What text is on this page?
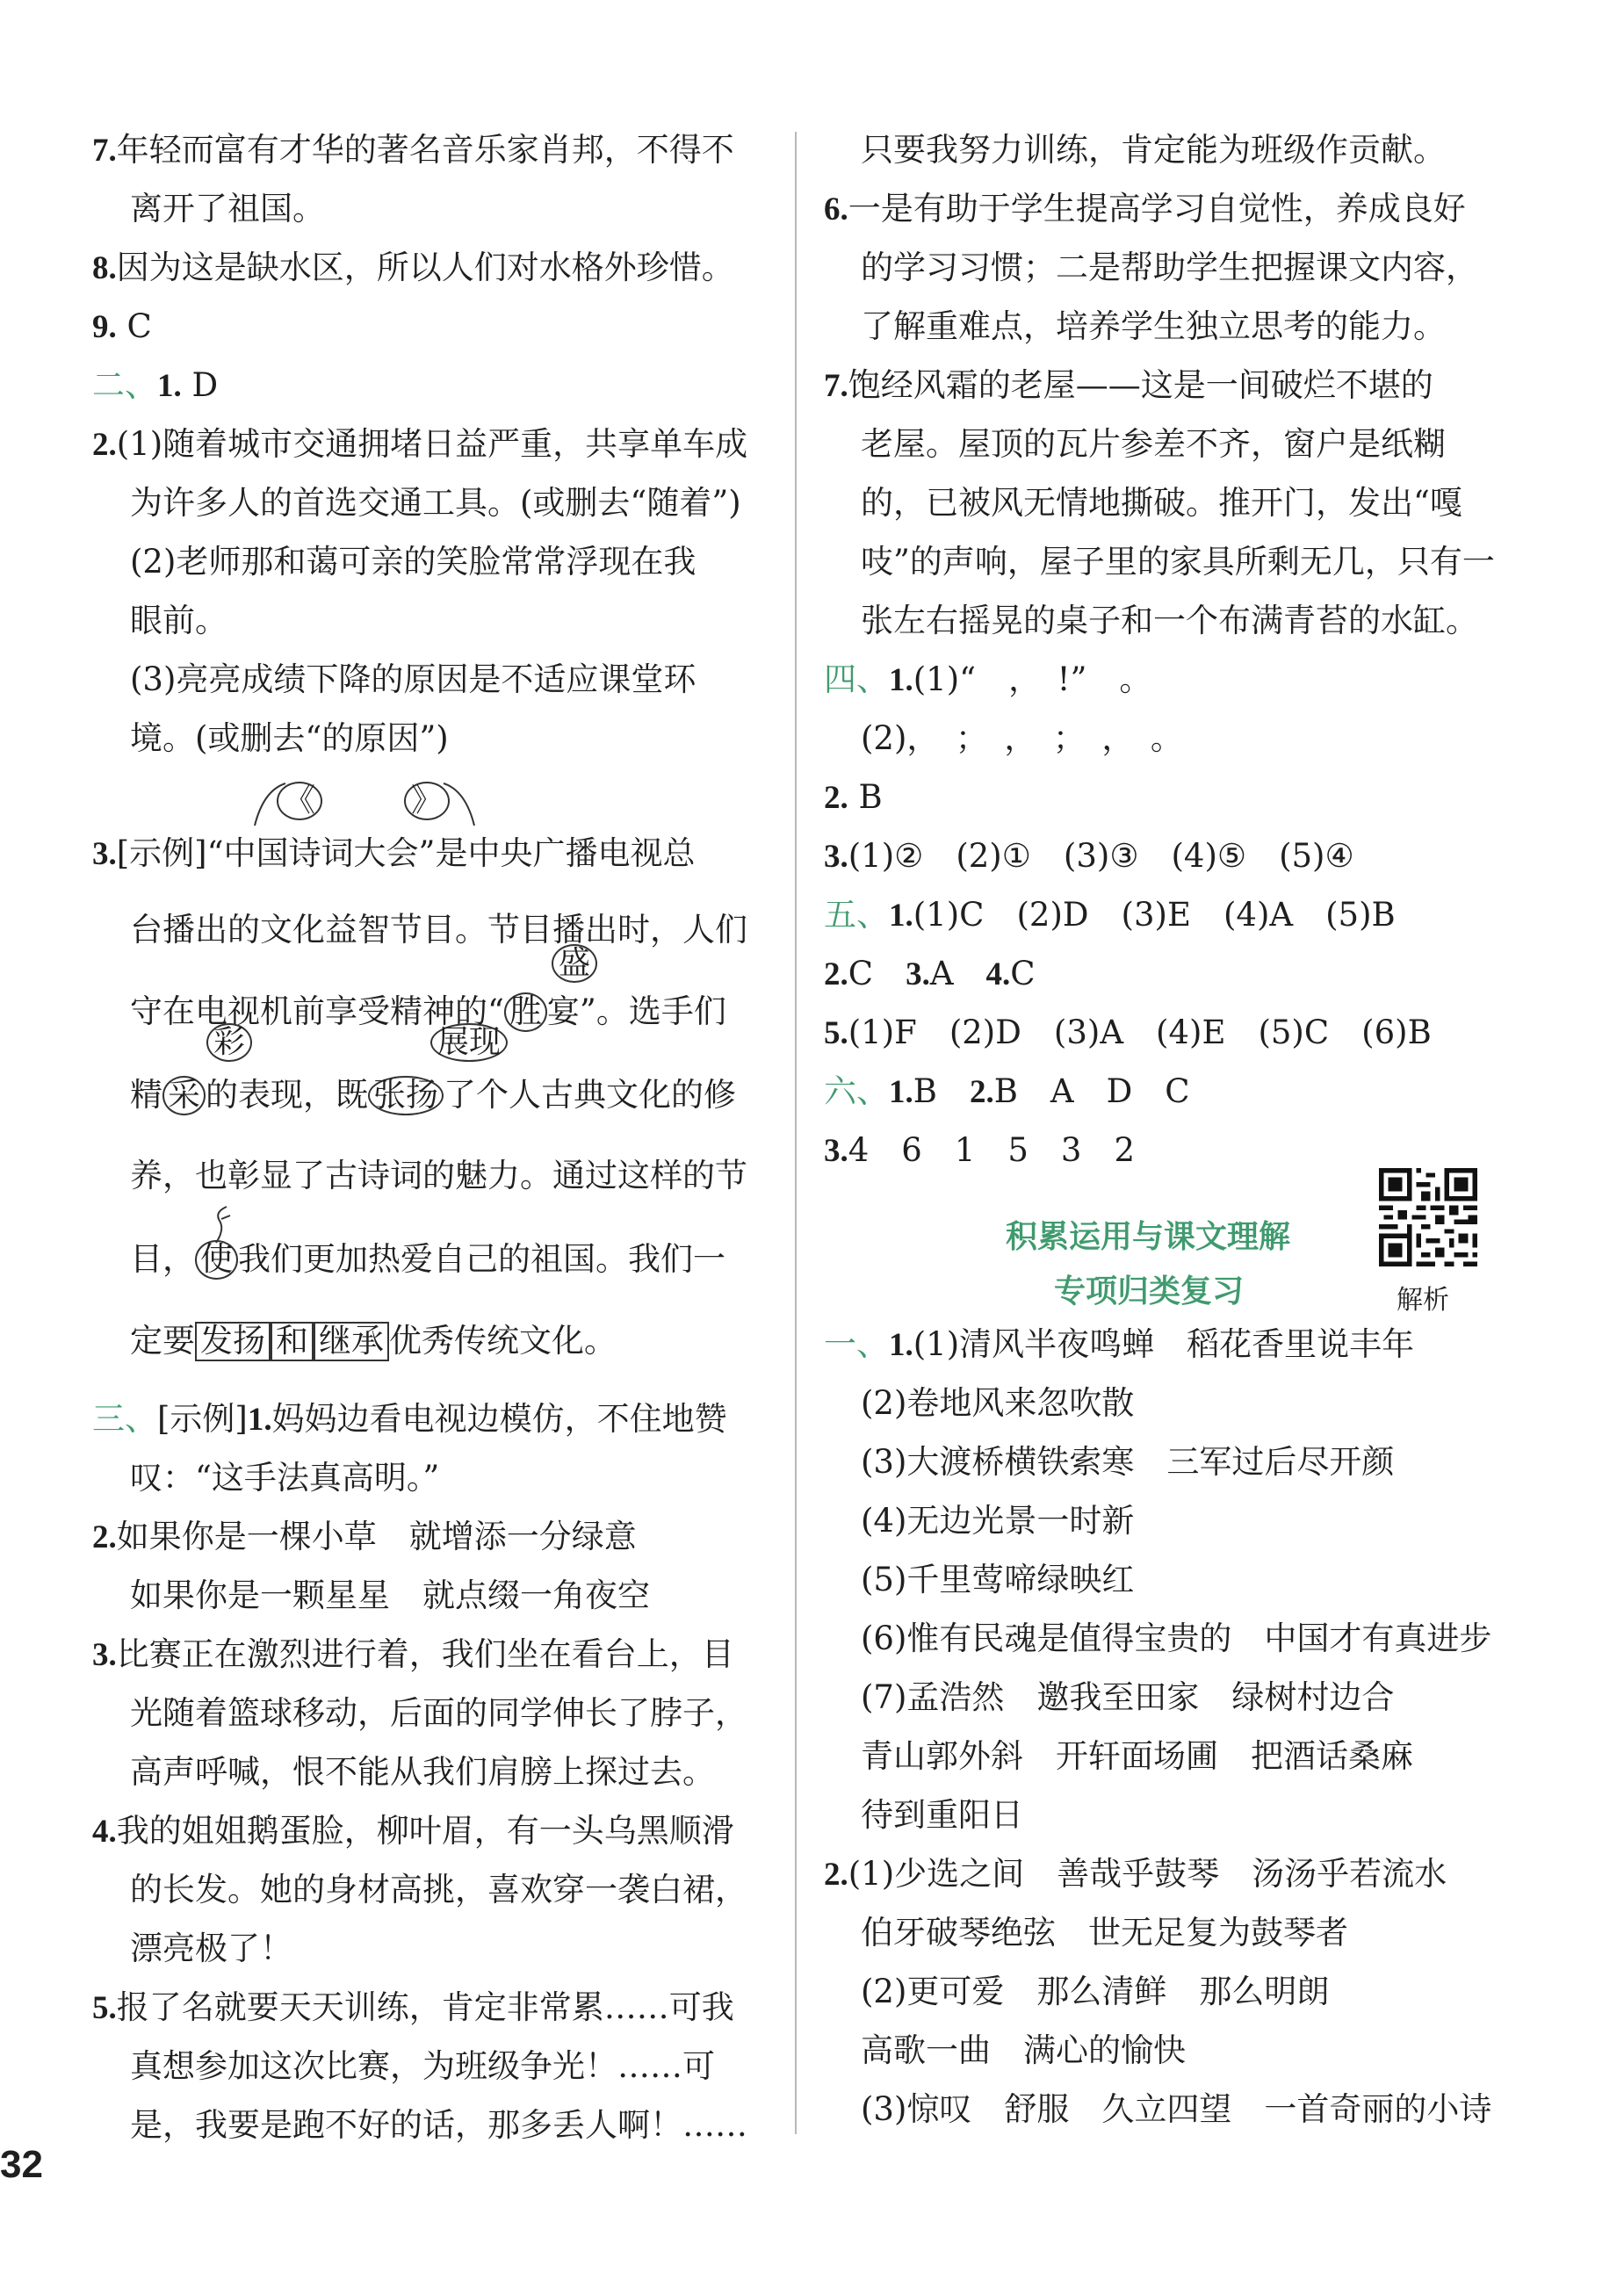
7.年轻而富有才华的著名音乐家肖邦，不得不
离开了祖国。
8.因为这是缺水区，所以人们对水格外珍惜。
9. C
二、1. D
2.(1)随着城市交通拥堵日益严重，共享单车成
为许多人的首选交通工具。(或删去“随着”)
(2)老师那和蔼可亲的笑脸常常浮现在我
眼前。
(3)亮亮成绩下降的原因是不适应课堂环
境。(或删去“的原因”)
《	》
3.[示例]“中国诗词大会”是中央广播电视总
台播出的文化益智节目。节目播出时，人们
盛
守在电视机前享受精神的“ 胜 宴”。选手们
彩	展现
精 采 的表现，既 张扬 了个人古典文化的修
养，也彰显了古诗词的魅力。通过这样的节
目， 使 我们更加热爱自己的祖国。我们一
定要 发扬 和 继承 优秀传统文化。
三、[示例]1.妈妈边看电视边模仿，不住地赞
叹：“这手法真高明。”
2.如果你是一棵小草　就增添一分绿意
如果你是一颗星星　就点缀一角夜空
3.比赛正在激烈进行着，我们坐在看台上，目
光随着篮球移动，后面的同学伸长了脖子，
高声呼喊，恨不能从我们肩膀上探过去。
4.我的姐姐鹅蛋脸，柳叶眉，有一头乌黑顺滑
的长发。她的身材高挑，喜欢穿一袭白裙，
漂亮极了！
5.报了名就要天天训练，肯定非常累……可我
真想参加这次比赛，为班级争光！……可
是，我要是跑不好的话，那多丢人啊！……
只要我努力训练，肯定能为班级作贡献。
6.一是有助于学生提高学习自觉性，养成良好
的学习习惯；二是帮助学生把握课文内容，
了解重难点，培养学生独立思考的能力。
7.饱经风霜的老屋——这是一间破烂不堪的
老屋。屋顶的瓦片参差不齐，窗户是纸糊
的，已被风无情地撕破。推开门，发出“嘎
吱”的声响，屋子里的家具所剩无几，只有一
张左右摇晃的桌子和一个布满青苔的水缸。
四、1.(1)“　，　!”　。
(2)，　；　，　；　，　。
2. B
3.(1)②　(2)①　(3)③　(4)⑤　(5)④
五、1.(1)C　(2)D　(3)E　(4)A　(5)B
2.C　3.A　4.C
5.(1)F　(2)D　(3)A　(4)E　(5)C　(6)B
六、1.B　2.B　A　D　C
3.4　6　1　5　3　2
积累运用与课文理解
专项归类复习	解析
一、1.(1)清风半夜鸣蝉　稻花香里说丰年
(2)卷地风来忽吹散
(3)大渡桥横铁索寒　三军过后尽开颜
(4)无边光景一时新
(5)千里莺啼绿映红
(6)惟有民魂是值得宝贵的　中国才有真进步
(7)孟浩然　邀我至田家　绿树村边合
青山郭外斜　开轩面场圃　把酒话桑麻
待到重阳日
2.(1)少选之间　善哉乎鼓琴　汤汤乎若流水
伯牙破琴绝弦　世无足复为鼓琴者
(2)更可爱　那么清鲜　那么明朗
高歌一曲　满心的愉快
(3)惊叹　舒服　久立四望　一首奇丽的小诗
32
